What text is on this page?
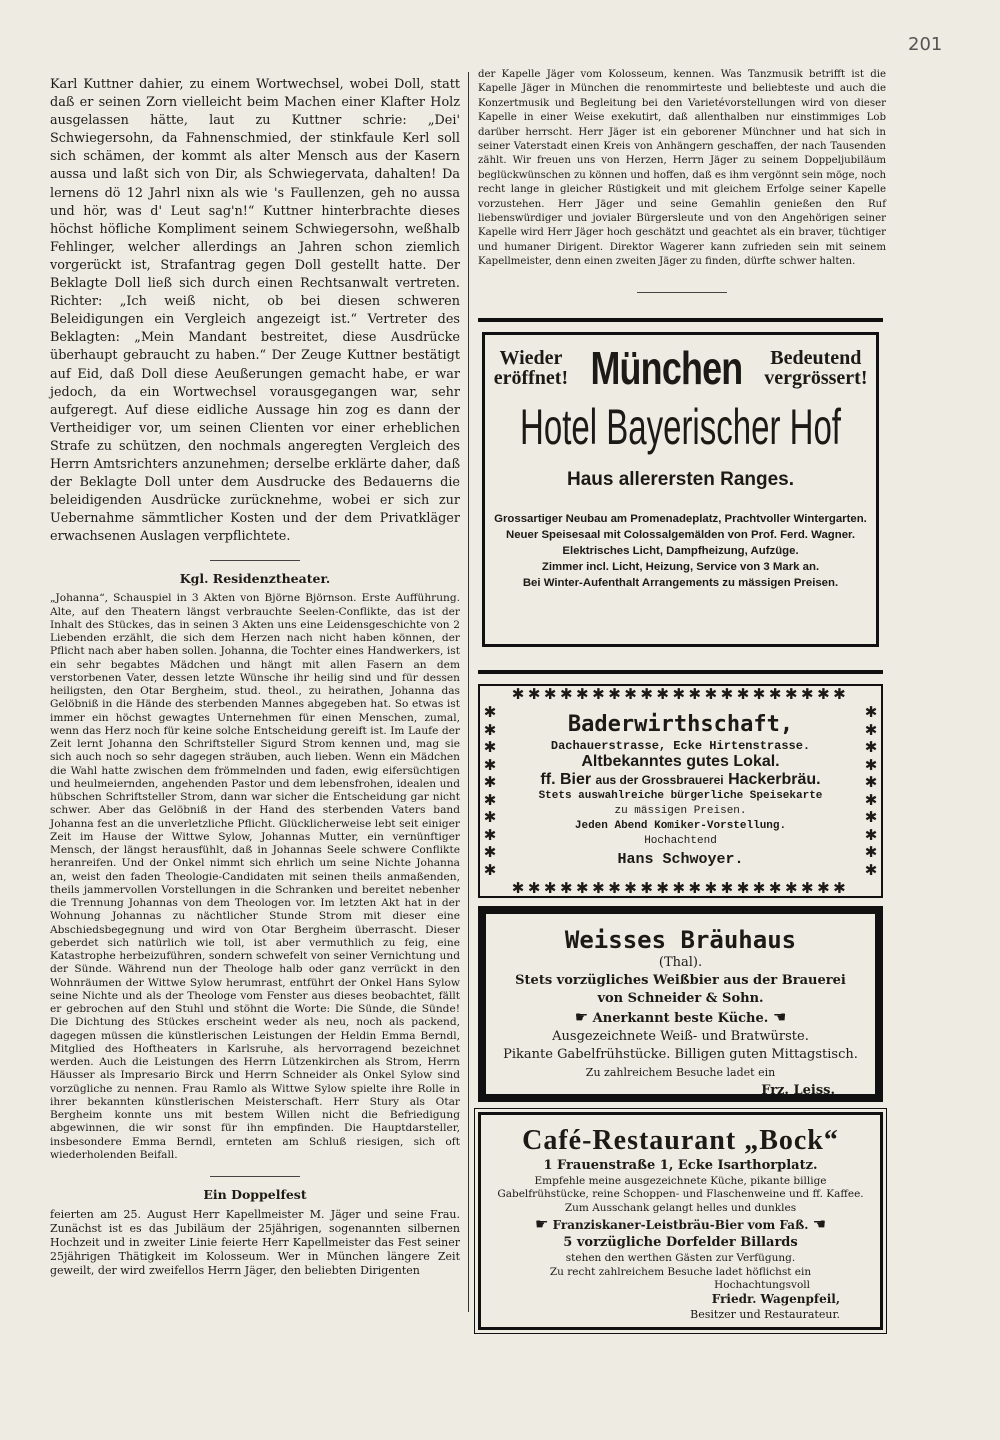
201

Karl Kuttner dahier, zu einem Wortwechsel, wobei Doll, statt daß er seinen Zorn vielleicht beim Machen einer Klafter Holz ausgelassen hätte, laut zu Kuttner schrie: „Dei' Schwiegersohn, da Fahnenschmied, der stinkfaule Kerl soll sich schämen, der kommt als alter Mensch aus der Kasern aussa und laßt sich von Dir, als Schwiegervata, dahalten! Da lernens dö 12 Jahrl nixn als wie 's Faullenzen, geh no aussa und hör, was d' Leut sag'n!“ Kuttner hinterbrachte dieses höchst höfliche Kompliment seinem Schwiegersohn, weßhalb Fehlinger, welcher allerdings an Jahren schon ziemlich vorgerückt ist, Strafantrag gegen Doll gestellt hatte. Der Beklagte Doll ließ sich durch einen Rechtsanwalt vertreten. Richter: „Ich weiß nicht, ob bei diesen schweren Beleidigungen ein Vergleich angezeigt ist.“ Vertreter des Beklagten: „Mein Mandant bestreitet, diese Ausdrücke überhaupt gebraucht zu haben.“ Der Zeuge Kuttner bestätigt auf Eid, daß Doll diese Aeußerungen gemacht habe, er war jedoch, da ein Wortwechsel vorausgegangen war, sehr aufgeregt. Auf diese eidliche Aussage hin zog es dann der Vertheidiger vor, um seinen Clienten vor einer erheblichen Strafe zu schützen, den nochmals angeregten Vergleich des Herrn Amtsrichters anzunehmen; derselbe erklärte daher, daß der Beklagte Doll unter dem Ausdrucke des Bedauerns die beleidigenden Ausdrücke zurücknehme, wobei er sich zur Uebernahme sämmtlicher Kosten und der dem Privatkläger erwachsenen Auslagen verpflichtete.

Kgl. Residenztheater.

„Johanna“, Schauspiel in 3 Akten von Björne Björnson. Erste Aufführung. Alte, auf den Theatern längst verbrauchte Seelen-Conflikte, das ist der Inhalt des Stückes, das in seinen 3 Akten uns eine Leidensgeschichte von 2 Liebenden erzählt, die sich dem Herzen nach nicht haben können, der Pflicht nach aber haben sollen. Johanna, die Tochter eines Handwerkers, ist ein sehr begabtes Mädchen und hängt mit allen Fasern an dem verstorbenen Vater, dessen letzte Wünsche ihr heilig sind und für dessen heiligsten, den Otar Bergheim, stud. theol., zu heirathen, Johanna das Gelöbniß in die Hände des sterbenden Mannes abgegeben hat. So etwas ist immer ein höchst gewagtes Unternehmen für einen Menschen, zumal, wenn das Herz noch für keine solche Entscheidung gereift ist. Im Laufe der Zeit lernt Johanna den Schriftsteller Sigurd Strom kennen und, mag sie sich auch noch so sehr dagegen sträuben, auch lieben. Wenn ein Mädchen die Wahl hatte zwischen dem frömmelnden und faden, ewig eifersüchtigen und heulmeiernden, angehenden Pastor und dem lebensfrohen, idealen und hübschen Schriftsteller Strom, dann war sicher die Entscheidung gar nicht schwer. Aber das Gelöbniß in der Hand des sterbenden Vaters band Johanna fest an die unverletzliche Pflicht. Glücklicherweise lebt seit einiger Zeit im Hause der Wittwe Sylow, Johannas Mutter, ein vernünftiger Mensch, der längst herausfühlt, daß in Johannas Seele schwere Conflikte heranreifen. Und der Onkel nimmt sich ehrlich um seine Nichte Johanna an, weist den faden Theologie-Candidaten mit seinen theils anmaßenden, theils jammervollen Vorstellungen in die Schranken und bereitet nebenher die Trennung Johannas von dem Theologen vor. Im letzten Akt hat in der Wohnung Johannas zu nächtlicher Stunde Strom mit dieser eine Abschiedsbegegnung und wird von Otar Bergheim überrascht. Dieser geberdet sich natürlich wie toll, ist aber vermuthlich zu feig, eine Katastrophe herbeizuführen, sondern schwefelt von seiner Vernichtung und der Sünde. Während nun der Theologe halb oder ganz verrückt in den Wohnräumen der Wittwe Sylow herumrast, entführt der Onkel Hans Sylow seine Nichte und als der Theologe vom Fenster aus dieses beobachtet, fällt er gebrochen auf den Stuhl und stöhnt die Worte: Die Sünde, die Sünde! Die Dichtung des Stückes erscheint weder als neu, noch als packend, dagegen müssen die künstlerischen Leistungen der Heldin Emma Berndl, Mitglied des Hoftheaters in Karlsruhe, als hervorragend bezeichnet werden. Auch die Leistungen des Herrn Lützenkirchen als Strom, Herrn Häusser als Impresario Birck und Herrn Schneider als Onkel Sylow sind vorzügliche zu nennen. Frau Ramlo als Wittwe Sylow spielte ihre Rolle in ihrer bekannten künstlerischen Meisterschaft. Herr Stury als Otar Bergheim konnte uns mit bestem Willen nicht die Befriedigung abgewinnen, die wir sonst für ihn empfinden. Die Hauptdarsteller, insbesondere Emma Berndl, ernteten am Schluß riesigen, sich oft wiederholenden Beifall.

Ein Doppelfest

feierten am 25. August Herr Kapellmeister M. Jäger und seine Frau. Zunächst ist es das Jubiläum der 25jährigen, sogenannten silbernen Hochzeit und in zweiter Linie feierte Herr Kapellmeister das Fest seiner 25jährigen Thätigkeit im Kolosseum. Wer in München längere Zeit geweilt, der wird zweifellos Herrn Jäger, den beliebten Dirigenten

der Kapelle Jäger vom Kolosseum, kennen. Was Tanzmusik betrifft ist die Kapelle Jäger in München die renommirteste und beliebteste und auch die Konzertmusik und Begleitung bei den Varietévorstellungen wird von dieser Kapelle in einer Weise exekutirt, daß allenthalben nur einstimmiges Lob darüber herrscht. Herr Jäger ist ein geborener Münchner und hat sich in seiner Vaterstadt einen Kreis von Anhängern geschaffen, der nach Tausenden zählt. Wir freuen uns von Herzen, Herrn Jäger zu seinem Doppeljubiläum beglückwünschen zu können und hoffen, daß es ihm vergönnt sein möge, noch recht lange in gleicher Rüstigkeit und mit gleichem Erfolge seiner Kapelle vorzustehen. Herr Jäger und seine Gemahlin genießen den Ruf liebenswürdiger und jovialer Bürgersleute und von den Angehörigen seiner Kapelle wird Herr Jäger hoch geschätzt und geachtet als ein braver, tüchtiger und humaner Dirigent. Direktor Wagerer kann zufrieden sein mit seinem Kapellmeister, denn einen zweiten Jäger zu finden, dürfte schwer halten.

Wieder eröffnet! München	Bedeutend vergrössert!
Hotel Bayerischer Hof
Haus allerersten Ranges.

Grossartiger Neubau am Promenadeplatz, Prachtvoller Wintergarten. Neuer Speisesaal mit Colossalgemälden von Prof. Ferd. Wagner. Elektrisches Licht, Dampfheizung, Aufzüge.

Zimmer incl. Licht, Heizung, Service von 3 Mark an.

Bei Winter-Aufenthalt Arrangements zu mässigen Preisen.

✱✱✱✱✱✱✱✱✱✱✱✱✱✱✱✱✱✱✱✱✱
✱
✱
✱
✱
✱
✱
✱
✱
✱
✱
✱
✱
✱
✱
✱
✱
✱
✱
✱
✱
Baderwirthschaft,
Dachauerstrasse, Ecke Hirtenstrasse.
Altbekanntes gutes Lokal.
ff. Bier aus der Grossbrauerei Hackerbräu.
Stets auswahlreiche bürgerliche Speisekarte
zu mässigen Preisen.
Jeden Abend Komiker-Vorstellung.
Hochachtend
Hans Schwoyer.
✱✱✱✱✱✱✱✱✱✱✱✱✱✱✱✱✱✱✱✱✱
Weisses Bräuhaus
(Thal).
Stets vorzügliches Weißbier aus der Brauerei
von Schneider & Sohn.
☛ Anerkannt beste Küche. ☚
Ausgezeichnete Weiß- und Bratwürste.
Pikante Gabelfrühstücke. Billigen guten Mittagstisch.
Zu zahlreichem Besuche ladet ein
Frz. Leiss.
Café-Restaurant „Bock“
1 Frauenstraße 1, Ecke Isarthorplatz.
Empfehle meine ausgezeichnete Küche, pikante billige Gabelfrühstücke, reine Schoppen- und Flaschenweine und ff. Kaffee.
Zum Ausschank gelangt helles und dunkles
☛ Franziskaner-Leistbräu-Bier vom Faß. ☚
5 vorzügliche Dorfelder Billards
stehen den werthen Gästen zur Verfügung.
Zu recht zahlreichem Besuche ladet höflichst ein
Hochachtungsvoll
Friedr. Wagenpfeil,
Besitzer und Restaurateur.
